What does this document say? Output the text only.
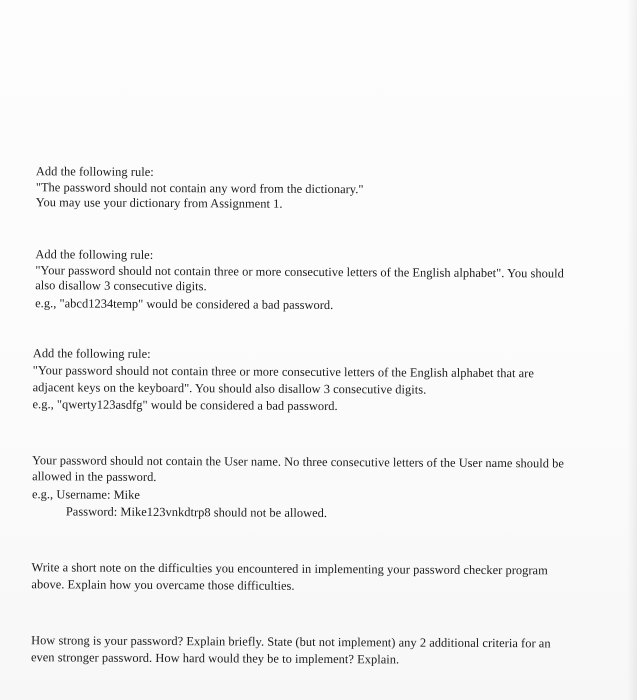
Add the following rule:
"The password should not contain any word from the dictionary."
You may use your dictionary from Assignment 1.
Add the following rule:
"Your password should not contain three or more consecutive letters of the English alphabet". You should
also disallow 3 consecutive digits.
e.g., "abcd1234temp" would be considered a bad password.
Add the following rule:
"Your password should not contain three or more consecutive letters of the English alphabet that are
adjacent keys on the keyboard". You should also disallow 3 consecutive digits.
e.g., "qwerty123asdfg" would be considered a bad password.
Your password should not contain the User name. No three consecutive letters of the User name should be
allowed in the password.
e.g., Username: Mike
Password: Mike123vnkdtrp8 should not be allowed.
Write a short note on the difficulties you encountered in implementing your password checker program
above. Explain how you overcame those difficulties.
How strong is your password? Explain briefly. State (but not implement) any 2 additional criteria for an
even stronger password. How hard would they be to implement? Explain.
